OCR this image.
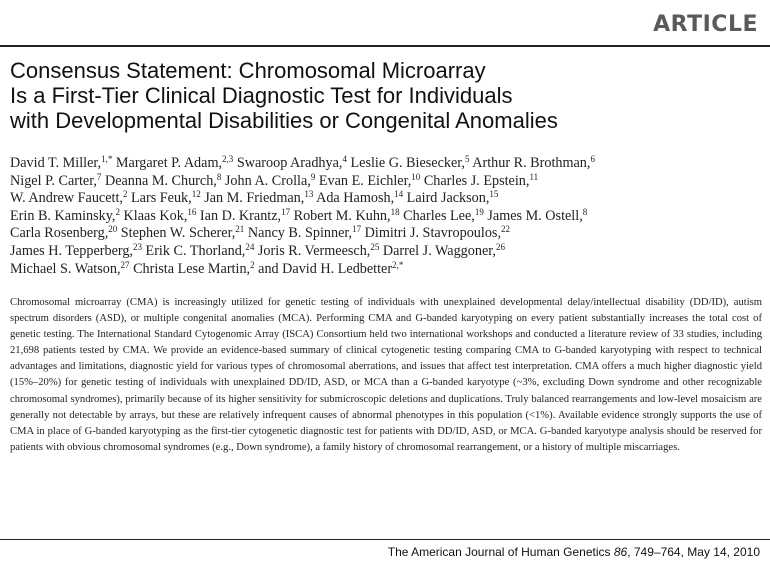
ARTICLE
Consensus Statement: Chromosomal Microarray
Is a First-Tier Clinical Diagnostic Test for Individuals
with Developmental Disabilities or Congenital Anomalies
David T. Miller,$^{1,*}$ Margaret P. Adam,$^{2,3}$ Swaroop Aradhya,$^4$ Leslie G. Biesecker,$^5$ Arthur R. Brothman,$^6$
Nigel P. Carter,$^7$ Deanna M. Church,$^8$ John A. Crolla,$^9$ Evan E. Eichler,$^{10}$ Charles J. Epstein,$^{11}$
W. Andrew Faucett,$^2$ Lars Feuk,$^{12}$ Jan M. Friedman,$^{13}$ Ada Hamosh,$^{14}$ Laird Jackson,$^{15}$
Erin B. Kaminsky,$^2$ Klaas Kok,$^{16}$ Ian D. Krantz,$^{17}$ Robert M. Kuhn,$^{18}$ Charles Lee,$^{19}$ James M. Ostell,$^8$
Carla Rosenberg,$^{20}$ Stephen W. Scherer,$^{21}$ Nancy B. Spinner,$^{17}$ Dimitri J. Stavropoulos,$^{22}$
James H. Tepperberg,$^{23}$ Erik C. Thorland,$^{24}$ Joris R. Vermeesch,$^{25}$ Darrel J. Waggoner,$^{26}$
Michael S. Watson,$^{27}$ Christa Lese Martin,$^2$ and David H. Ledbetter$^{2,*}$
Chromosomal microarray (CMA) is increasingly utilized for genetic testing of individuals with unexplained developmental delay/intellectual disability (DD/ID), autism spectrum disorders (ASD), or multiple congenital anomalies (MCA). Performing CMA and G-banded karyotyping on every patient substantially increases the total cost of genetic testing. The International Standard Cytogenomic Array (ISCA) Consortium held two international workshops and conducted a literature review of 33 studies, including 21,698 patients tested by CMA. We provide an evidence-based summary of clinical cytogenetic testing comparing CMA to G-banded karyotyping with respect to technical advantages and limitations, diagnostic yield for various types of chromosomal aberrations, and issues that affect test interpretation. CMA offers a much higher diagnostic yield (15%–20%) for genetic testing of individuals with unexplained DD/ID, ASD, or MCA than a G-banded karyotype (~3%, excluding Down syndrome and other recognizable chromosomal syndromes), primarily because of its higher sensitivity for submicroscopic deletions and duplications. Truly balanced rearrangements and low-level mosaicism are generally not detectable by arrays, but these are relatively infrequent causes of abnormal phenotypes in this population (<1%). Available evidence strongly supports the use of CMA in place of G-banded karyotyping as the first-tier cytogenetic diagnostic test for patients with DD/ID, ASD, or MCA. G-banded karyotype analysis should be reserved for patients with obvious chromosomal syndromes (e.g., Down syndrome), a family history of chromosomal rearrangement, or a history of multiple miscarriages.
The American Journal of Human Genetics 86, 749–764, May 14, 2010
